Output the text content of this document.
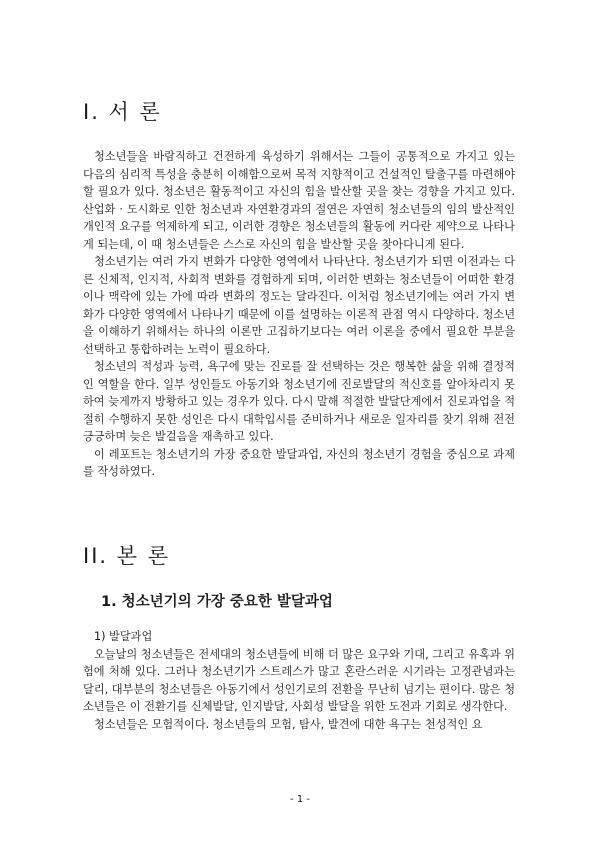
I. 서 론

청소년들을 바람직하고 건전하게 육성하기 위해서는 그들이 공통적으로 가지고 있는 다음의 심리적 특성을 충분히 이해함으로써 목적 지향적이고 건설적인 탈출구를 마련해야 할 필요가 있다. 청소년은 활동적이고 자신의 힘을 발산할 곳을 찾는 경향을 가지고 있다. 산업화 · 도시화로 인한 청소년과 자연환경과의 절연은 자연히 청소년들의 임의 발산적인 개인적 요구를 억제하게 되고, 이러한 경향은 청소년들의 활동에 커다란 제약으로 나타나게 되는데, 이 때 청소년들은 스스로 자신의 힘을 발산할 곳을 찾아다니게 된다.

청소년기는 여러 가지 변화가 다양한 영역에서 나타난다. 청소년기가 되면 이전과는 다른 신체적, 인지적, 사회적 변화를 경험하게 되며, 이러한 변화는 청소년들이 어떠한 환경이나 맥락에 있는 가에 따라 변화의 정도는 달라진다. 이처럼 청소년기에는 여러 가지 변화가 다양한 영역에서 나타나기 때문에 이를 설명하는 이론적 관점 역시 다양하다. 청소년을 이해하기 위해서는 하나의 이론만 고집하기보다는 여러 이론을 중에서 필요한 부분을 선택하고 통합하려는 노력이 필요하다.

청소년의 적성과 능력, 욕구에 맞는 진로를 잘 선택하는 것은 행복한 삶을 위해 결정적인 역할을 한다. 일부 성인들도 아동기와 청소년기에 진로발달의 적신호를 알아차리지 못하여 늦게까지 방황하고 있는 경우가 있다. 다시 말해 적절한 발달단계에서 진로과업을 적절히 수행하지 못한 성인은 다시 대학입시를 준비하거나 새로운 일자리를 찾기 위해 전전긍긍하며 늦은 발걸음을 재촉하고 있다.

이 레포트는 청소년기의 가장 중요한 발달과업, 자신의 청소년기 경험을 중심으로 과제를 작성하였다.

II. 본 론
1. 청소년기의 가장 중요한 발달과업

1) 발달과업

오늘날의 청소년들은 전세대의 청소년들에 비해 더 많은 요구와 기대, 그리고 유혹과 위험에 처해 있다. 그러나 청소년기가 스트레스가 많고 혼란스러운 시기라는 고정관념과는 달리, 대부분의 청소년들은 아동기에서 성인기로의 전환을 무난히 넘기는 편이다. 많은 청소년들은 이 전환기를 신체발달, 인지발달, 사회성 발달을 위한 도전과 기회로 생각한다.

청소년들은 모험적이다. 청소년들의 모험, 탐사, 발견에 대한 욕구는 천성적인 요

- 1 -
